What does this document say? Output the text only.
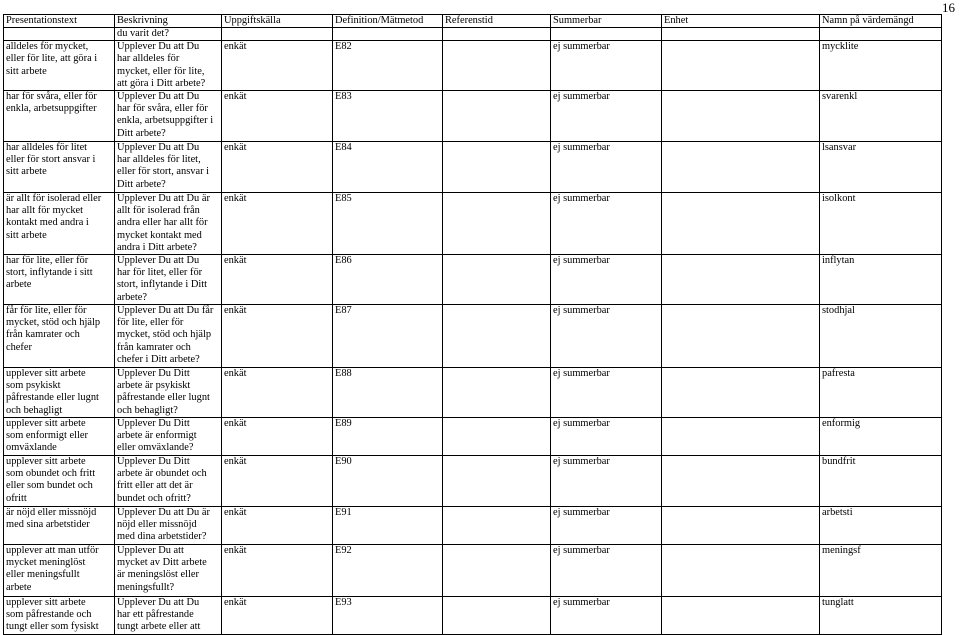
16
Presentationstext	Beskrivning	Uppgiftskälla	Definition/Mätmetod	Referenstid	Summerbar	Enhet	Namn på värdemängd
	du varit det?						
alldeles för mycket,
eller för lite, att göra i
sitt arbete	Upplever Du att Du
har alldeles för
mycket, eller för lite,
att göra i Ditt arbete?	enkät	E82		ej summerbar		mycklite
har för svåra, eller för
enkla, arbetsuppgifter	Upplever Du att Du
har för svåra, eller för
enkla, arbetsuppgifter i
Ditt arbete?	enkät	E83		ej summerbar		svarenkl
har alldeles för litet
eller för stort ansvar i
sitt arbete	Upplever Du att Du
har alldeles för litet,
eller för stort, ansvar i
Ditt arbete?	enkät	E84		ej summerbar		lsansvar
är allt för isolerad eller
har allt för mycket
kontakt med andra i
sitt arbete	Upplever Du att Du är
allt för isolerad från
andra eller har allt för
mycket kontakt med
andra i Ditt arbete?	enkät	E85		ej summerbar		isolkont
har för lite, eller för
stort, inflytande i sitt
arbete	Upplever Du att Du
har för litet, eller för
stort, inflytande i Ditt
arbete?	enkät	E86		ej summerbar		inflytan
får för lite, eller för
mycket, stöd och hjälp
från kamrater och
chefer	Upplever Du att Du får
för lite, eller för
mycket, stöd och hjälp
från kamrater och
chefer i Ditt arbete?	enkät	E87		ej summerbar		stodhjal
upplever sitt arbete
som psykiskt
påfrestande eller lugnt
och behagligt	Upplever Du Ditt
arbete är psykiskt
påfrestande eller lugnt
och behagligt?	enkät	E88		ej summerbar		pafresta
upplever sitt arbete
som enformigt eller
omväxlande	Upplever Du Ditt
arbete är enformigt
eller omväxlande?	enkät	E89		ej summerbar		enformig
upplever sitt arbete
som obundet och fritt
eller som bundet och
ofritt	Upplever Du Ditt
arbete är obundet och
fritt eller att det är
bundet och ofritt?	enkät	E90		ej summerbar		bundfrit
är nöjd eller missnöjd
med sina arbetstider	Upplever Du att Du är
nöjd eller missnöjd
med dina arbetstider?	enkät	E91		ej summerbar		arbetsti
upplever att man utför
mycket meninglöst
eller meningsfullt
arbete	Upplever Du att
mycket av Ditt arbete
är meningslöst eller
meningsfullt?	enkät	E92		ej summerbar		meningsf
upplever sitt arbete
som påfrestande och
tungt eller som fysiskt	Upplever Du att Du
har ett påfrestande
tungt arbete eller att	enkät	E93		ej summerbar		tunglatt
